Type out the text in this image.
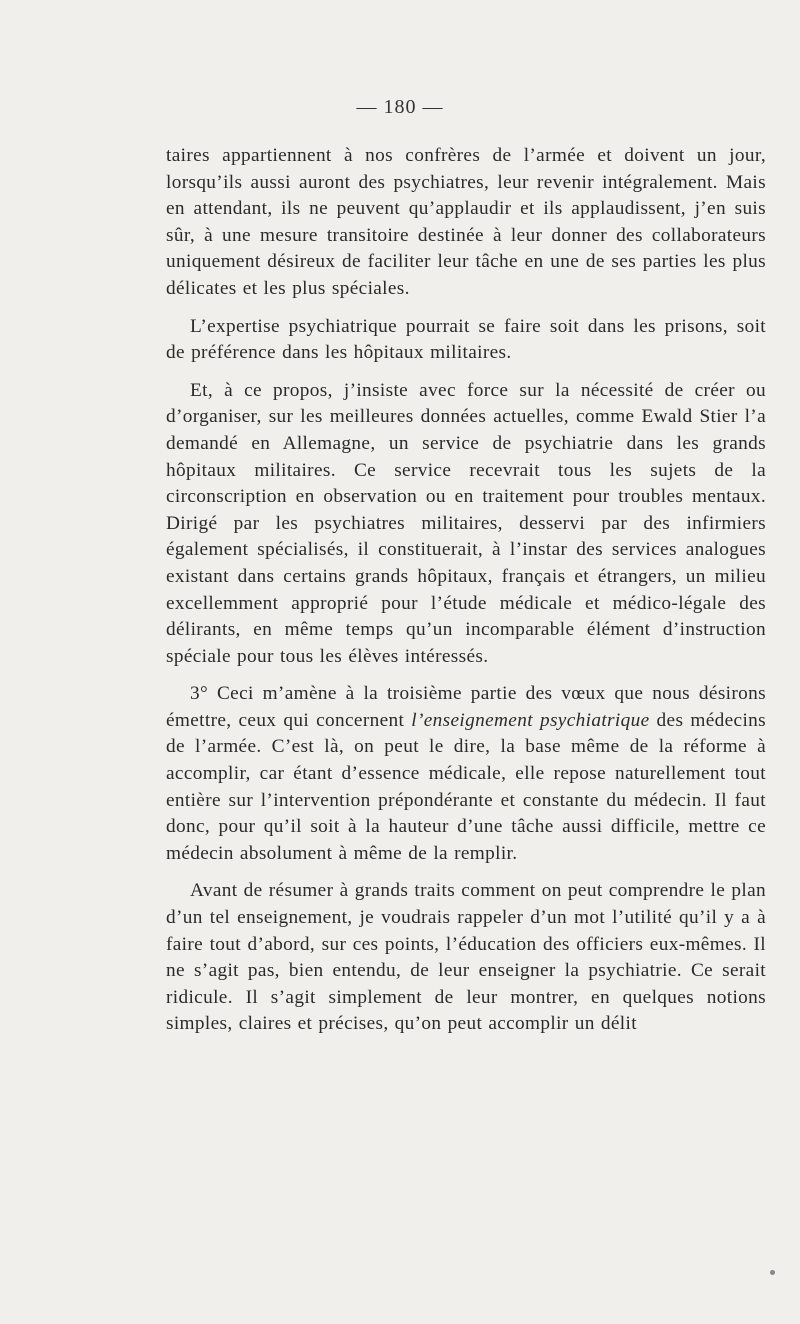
— 180 —

taires appartiennent à nos confrères de l’armée et doivent un jour, lorsqu’ils aussi auront des psychiatres, leur revenir intégralement. Mais en attendant, ils ne peuvent qu’applaudir et ils applaudissent, j’en suis sûr, à une mesure transitoire destinée à leur donner des collaborateurs uniquement désireux de faciliter leur tâche en une de ses parties les plus délicates et les plus spéciales.

L’expertise psychiatrique pourrait se faire soit dans les prisons, soit de préférence dans les hôpitaux militaires.

Et, à ce propos, j’insiste avec force sur la nécessité de créer ou d’organiser, sur les meilleures données actuelles, comme Ewald Stier l’a demandé en Allemagne, un service de psychiatrie dans les grands hôpitaux militaires. Ce service recevrait tous les sujets de la circonscription en observation ou en traitement pour troubles mentaux. Dirigé par les psychiatres militaires, desservi par des infirmiers également spécialisés, il constituerait, à l’instar des services analogues existant dans certains grands hôpitaux, français et étrangers, un milieu excellemment approprié pour l’étude médicale et médico-légale des délirants, en même temps qu’un incomparable élément d’instruction spéciale pour tous les élèves intéressés.

3° Ceci m’amène à la troisième partie des vœux que nous désirons émettre, ceux qui concernent l’enseignement psychiatrique des médecins de l’armée. C’est là, on peut le dire, la base même de la réforme à accomplir, car étant d’essence médicale, elle repose naturellement tout entière sur l’intervention prépondérante et constante du médecin. Il faut donc, pour qu’il soit à la hauteur d’une tâche aussi difficile, mettre ce médecin absolument à même de la remplir.

Avant de résumer à grands traits comment on peut comprendre le plan d’un tel enseignement, je voudrais rappeler d’un mot l’utilité qu’il y a à faire tout d’abord, sur ces points, l’éducation des officiers eux-mêmes. Il ne s’agit pas, bien entendu, de leur enseigner la psychiatrie. Ce serait ridicule. Il s’agit simplement de leur montrer, en quelques notions simples, claires et précises, qu’on peut accomplir un délit
